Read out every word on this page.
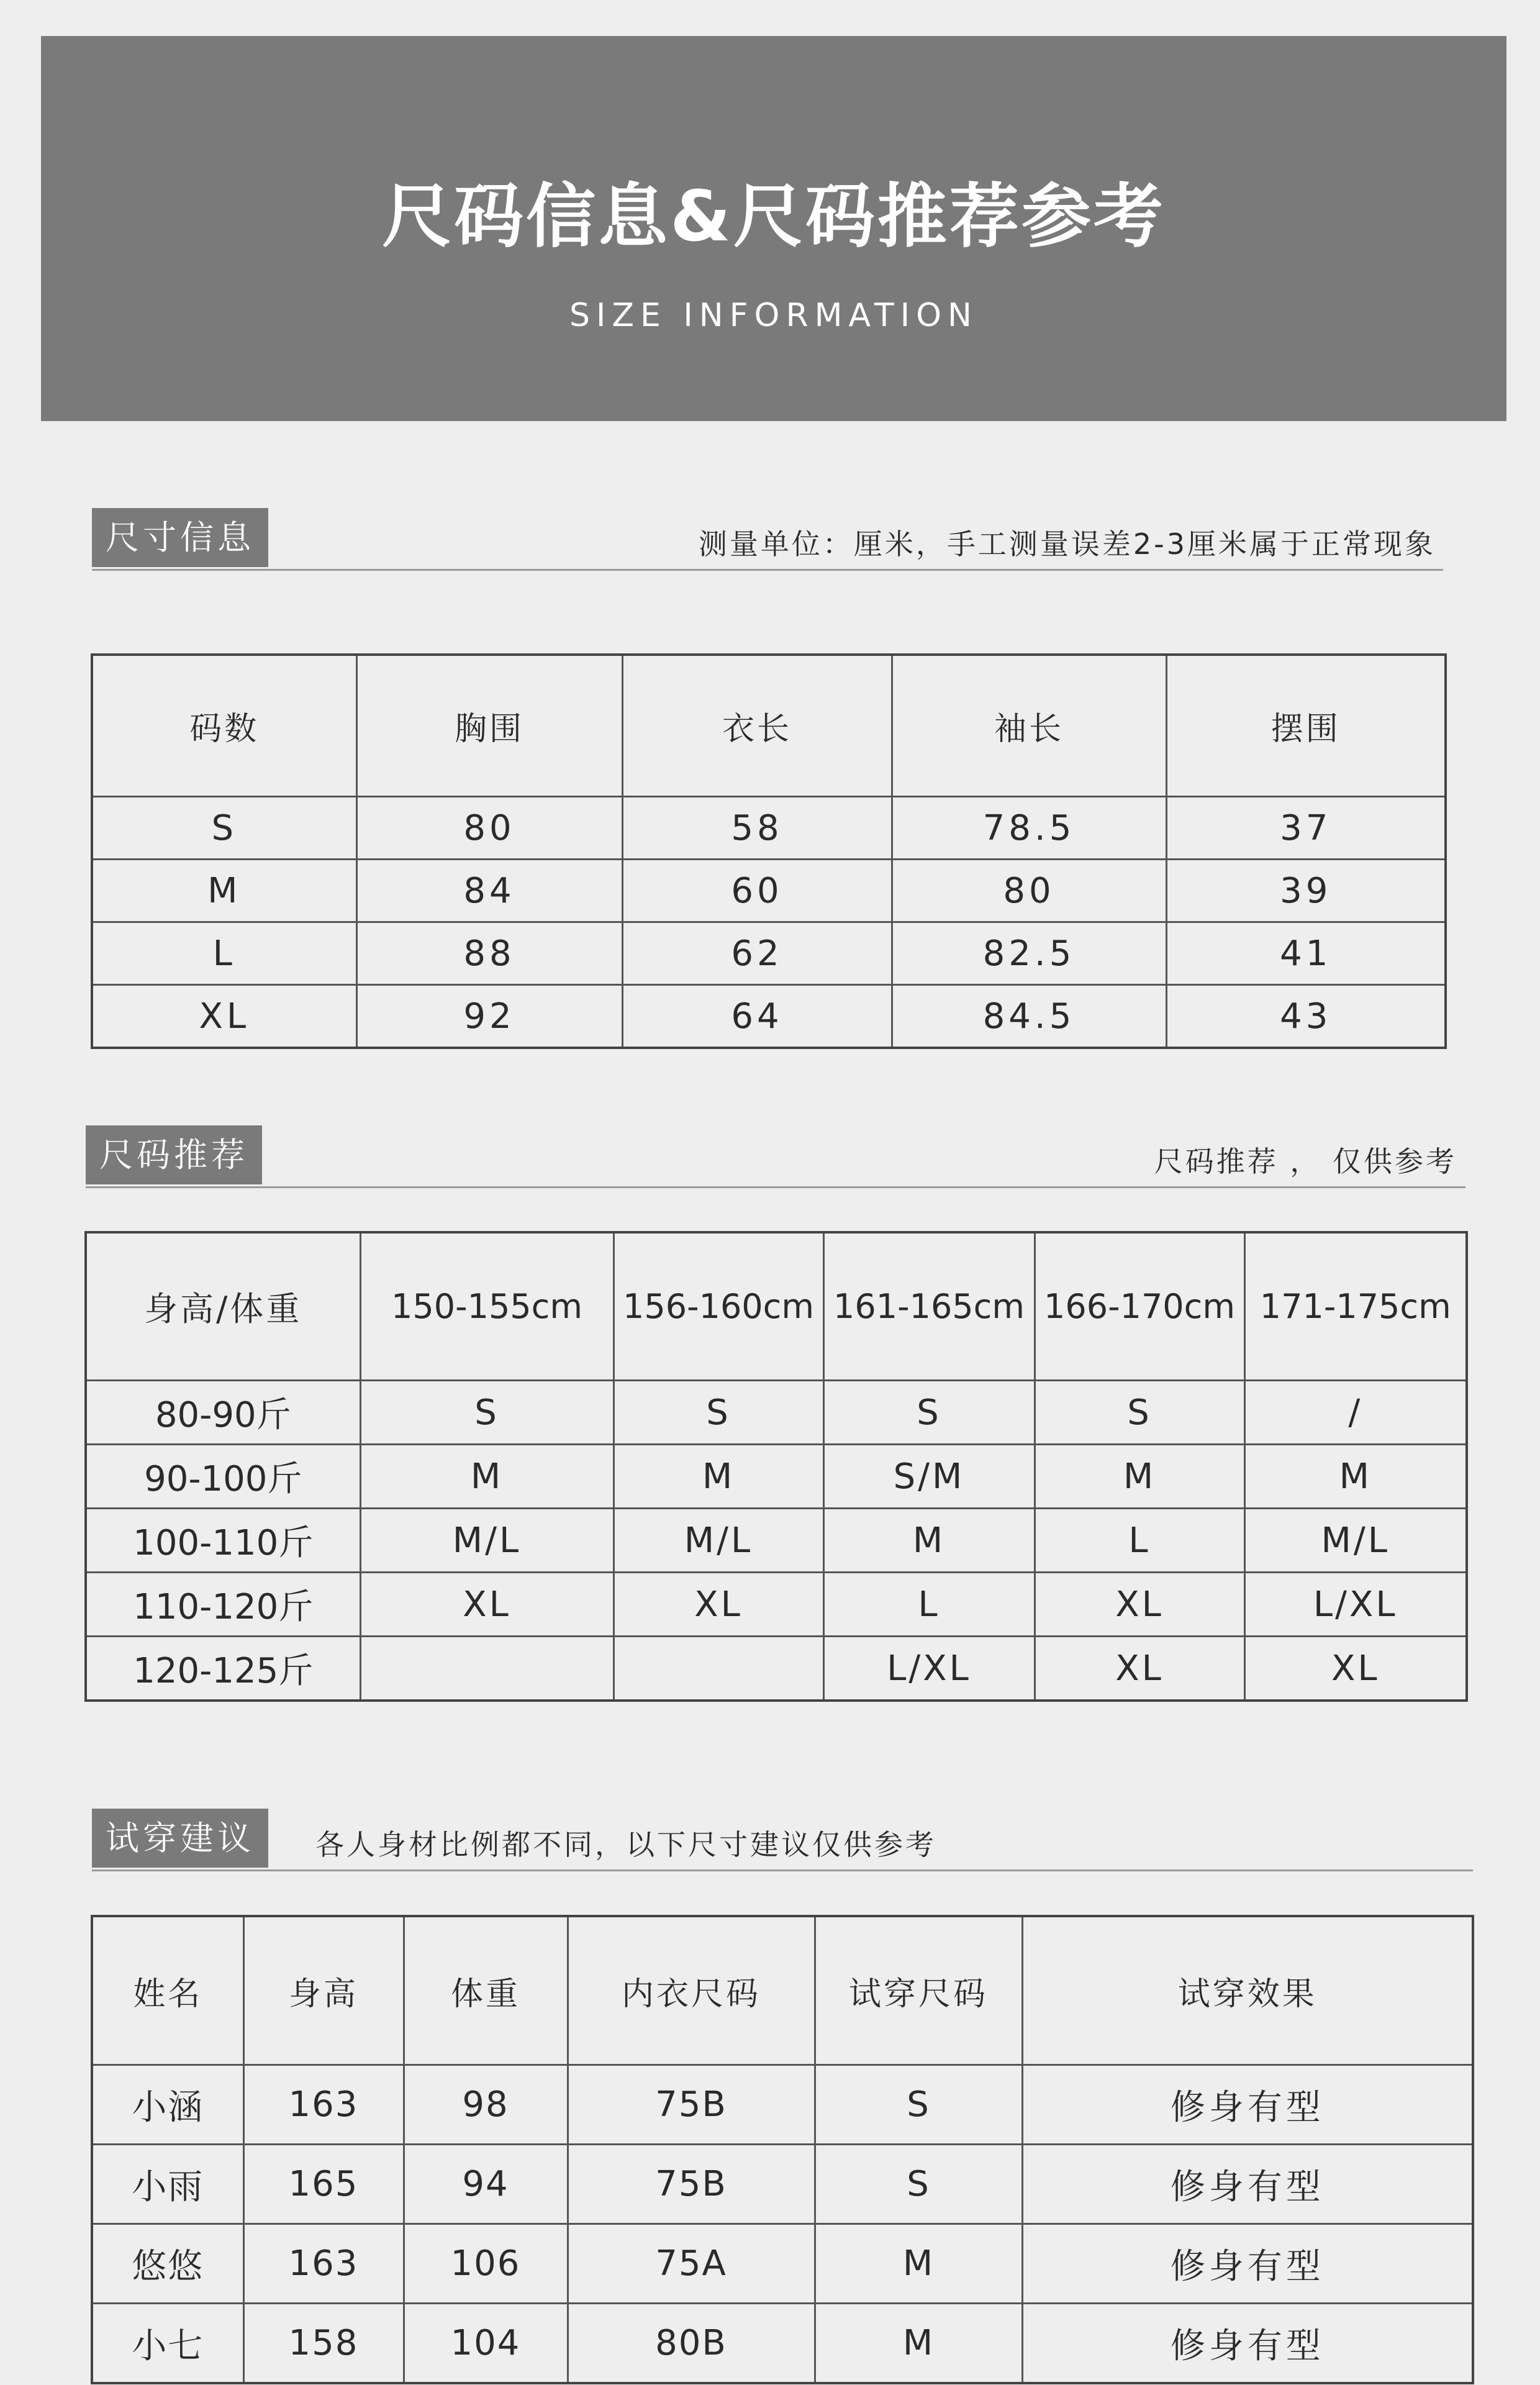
尺码信息&尺码推荐参考
SIZE INFORMATION
尺寸信息	测量单位：厘米，手工测量误差2-3厘米属于正常现象
码数	胸围	衣长	袖长	摆围
S	80	58	78.5	37
M	84	60	80	39
L	88	62	82.5	41
XL	92	64	84.5	43
尺码推荐	尺码推荐 ， 仅供参考
身高/体重	150-155cm	156-160cm	161-165cm	166-170cm	171-175cm
80-90斤	S	S	S	S	/
90-100斤	M	M	S/M	M	M
100-110斤	M/L	M/L	M	L	M/L
110-120斤	XL	XL	L	XL	L/XL
120-125斤			L/XL	XL	XL
试穿建议	各人身材比例都不同，以下尺寸建议仅供参考
姓名	身高	体重	内衣尺码	试穿尺码	试穿效果
小涵	163	98	75B	S	修身有型
小雨	165	94	75B	S	修身有型
悠悠	163	106	75A	M	修身有型
小七	158	104	80B	M	修身有型
